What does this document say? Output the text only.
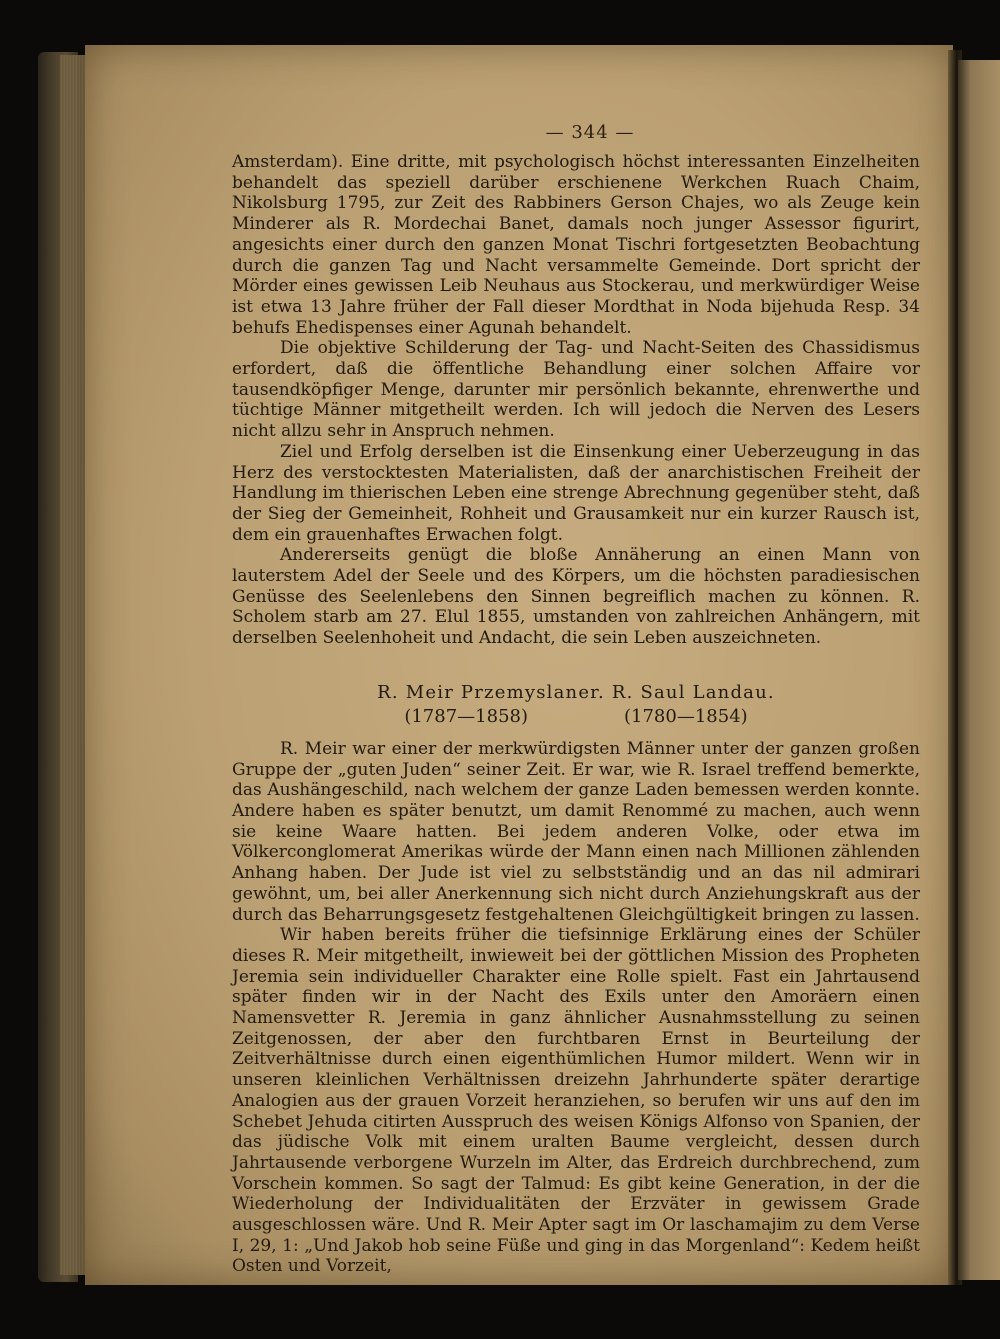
— 344 —

Amsterdam). Eine dritte, mit psychologisch höchst interessanten Einzelheiten behandelt das speziell darüber erschienene Werkchen Ruach Chaim, Nikolsburg 1795, zur Zeit des Rabbiners Gerson Chajes, wo als Zeuge kein Minderer als R. Mordechai Banet, damals noch junger Assessor figurirt, angesichts einer durch den ganzen Monat Tischri fortgesetzten Beobachtung durch die ganzen Tag und Nacht versammelte Gemeinde. Dort spricht der Mörder eines gewissen Leib Neuhaus aus Stockerau, und merkwürdiger Weise ist etwa 13 Jahre früher der Fall dieser Mordthat in Noda bijehuda Resp. 34 behufs Ehedispenses einer Agunah behandelt.

Die objektive Schilderung der Tag- und Nacht-Seiten des Chassidismus erfordert, daß die öffentliche Behandlung einer solchen Affaire vor tausendköpfiger Menge, darunter mir persönlich bekannte, ehrenwerthe und tüchtige Männer mitgetheilt werden. Ich will jedoch die Nerven des Lesers nicht allzu sehr in Anspruch nehmen.

Ziel und Erfolg derselben ist die Einsenkung einer Ueberzeugung in das Herz des verstocktesten Materialisten, daß der anarchistischen Freiheit der Handlung im thierischen Leben eine strenge Abrechnung gegenüber steht, daß der Sieg der Gemeinheit, Rohheit und Grausamkeit nur ein kurzer Rausch ist, dem ein grauenhaftes Erwachen folgt.

Andererseits genügt die bloße Annäherung an einen Mann von lauterstem Adel der Seele und des Körpers, um die höchsten paradiesischen Genüsse des Seelenlebens den Sinnen begreiflich machen zu können. R. Scholem starb am 27. Elul 1855, umstanden von zahlreichen Anhängern, mit derselben Seelenhoheit und Andacht, die sein Leben auszeichneten.

R. Meir Przemyslaner. R. Saul Landau.
(1787—1858)	(1780—1854)

R. Meir war einer der merkwürdigsten Männer unter der ganzen großen Gruppe der „guten Juden“ seiner Zeit. Er war, wie R. Israel treffend bemerkte, das Aushängeschild, nach welchem der ganze Laden bemessen werden konnte. Andere haben es später benutzt, um damit Renommé zu machen, auch wenn sie keine Waare hatten. Bei jedem anderen Volke, oder etwa im Völkerconglomerat Amerikas würde der Mann einen nach Millionen zählenden Anhang haben. Der Jude ist viel zu selbstständig und an das nil admirari gewöhnt, um, bei aller Anerkennung sich nicht durch Anziehungskraft aus der durch das Beharrungsgesetz festgehaltenen Gleichgültigkeit bringen zu lassen.

Wir haben bereits früher die tiefsinnige Erklärung eines der Schüler dieses R. Meir mitgetheilt, inwieweit bei der göttlichen Mission des Propheten Jeremia sein individueller Charakter eine Rolle spielt. Fast ein Jahrtausend später finden wir in der Nacht des Exils unter den Amoräern einen Namensvetter R. Jeremia in ganz ähnlicher Ausnahmsstellung zu seinen Zeitgenossen, der aber den furchtbaren Ernst in Beurteilung der Zeitverhältnisse durch einen eigenthümlichen Humor mildert. Wenn wir in unseren kleinlichen Verhältnissen dreizehn Jahrhunderte später derartige Analogien aus der grauen Vorzeit heranziehen, so berufen wir uns auf den im Schebet Jehuda citirten Ausspruch des weisen Königs Alfonso von Spanien, der das jüdische Volk mit einem uralten Baume vergleicht, dessen durch Jahrtausende verborgene Wurzeln im Alter, das Erdreich durchbrechend, zum Vorschein kommen. So sagt der Talmud: Es gibt keine Generation, in der die Wiederholung der Individualitäten der Erzväter in gewissem Grade ausgeschlossen wäre. Und R. Meir Apter sagt im Or laschamajim zu dem Verse I, 29, 1: „Und Jakob hob seine Füße und ging in das Morgenland“: Kedem heißt Osten und Vorzeit,
